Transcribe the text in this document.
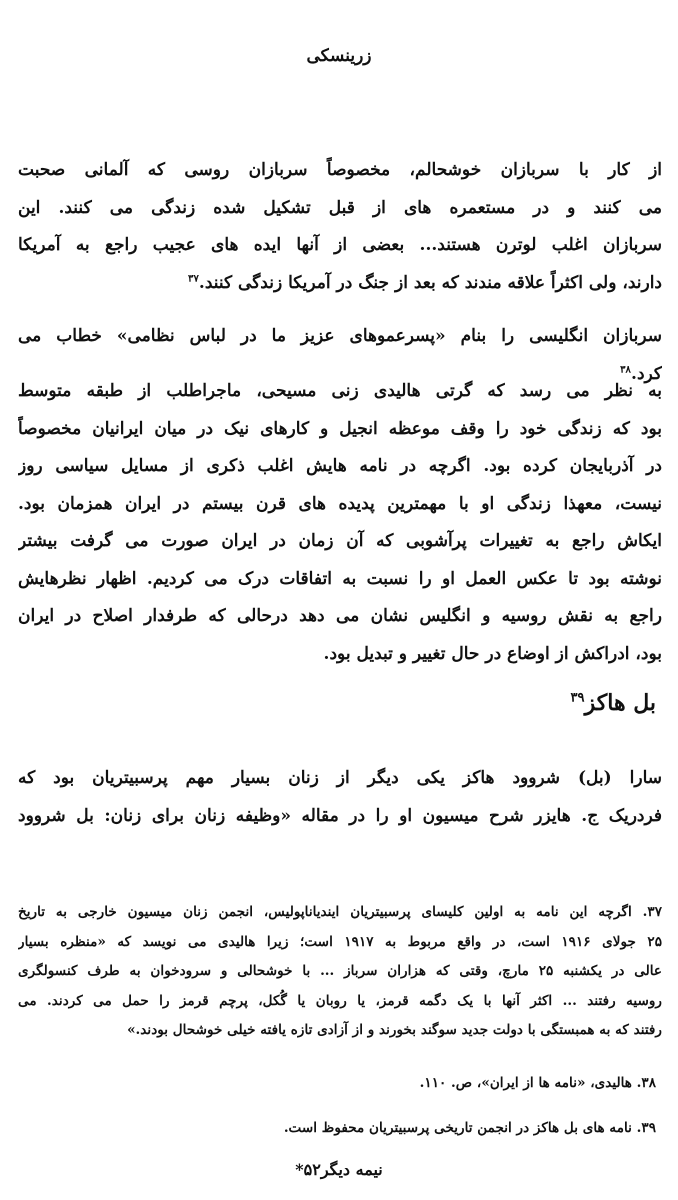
زرینسکی
از کار با سربازان خوشحالم، مخصوصاً سربازان روسی که آلمانی صحبت
می کنند و در مستعمره های از قبل تشکیل شده زندگی می کنند. این
سربازان اغلب لوترن هستند... بعضی از آنها ایده های عجیب راجع به آمریکا
دارند، ولی اکثراً علاقه مندند که بعد از جنگ در آمریکا زندگی کنند.$^{۳۷}$
سربازان انگلیسی را بنام «پسرعموهای عزیز ما در لباس نظامی» خطاب می
کرد.$^{۳۸}$
به نظر می رسد که گرتی هالیدی زنی مسیحی، ماجراطلب از طبقه متوسط
بود که زندگی خود را وقف موعظه انجیل و کارهای نیک در میان ایرانیان مخصوصاً
در آذربایجان کرده بود. اگرچه در نامه هایش اغلب ذکری از مسایل سیاسی روز
نیست، معهذا زندگی او با مهمترین پدیده های قرن بیستم در ایران همزمان بود.
ایکاش راجع به تغییرات پرآشوبی که آن زمان در ایران صورت می گرفت بیشتر
نوشته بود تا عکس العمل او را نسبت به اتفاقات درک می کردیم. اظهار نظرهایش
راجع به نقش روسیه و انگلیس نشان می دهد درحالی که طرفدار اصلاح در ایران
بود، ادراکش از اوضاع در حال تغییر و تبدیل بود.
بل هاکز$^{۳۹}$
سارا (بل) شروود هاکز یکی دیگر از زنان بسیار مهم پرسبیتریان بود که
فردریک ج. هایزر شرح میسیون او را در مقاله «وظیفه زنان برای زنان: بل شروود
۳۷. اگرچه این نامه به اولین کلیسای پرسبیتریان ایندیاناپولیس، انجمن زنان میسیون خارجی به تاریخ
۲۵ جولای ۱۹۱۶ است، در واقع مربوط به ۱۹۱۷ است؛ زیرا هالیدی می نویسد که «منظره بسیار
عالی در یکشنبه ۲۵ مارچ، وقتی که هزاران سرباز ... با خوشحالی و سرودخوان به طرف کنسولگری
روسیه رفتند ... اکثر آنها با یک دگمه قرمز، یا روبان یا گُکل، پرچم قرمز را حمل می کردند. می
رفتند که به همبستگی با دولت جدید سوگند بخورند و از آزادی تازه یافته خیلی خوشحال بودند.»
۳۸. هالیدی، «نامه ها از ایران»، ص. ۱۱۰.
۳۹. نامه های بل هاکز در انجمن تاریخی پرسبیتریان محفوظ است.
نیمه دیگر۵۲*
